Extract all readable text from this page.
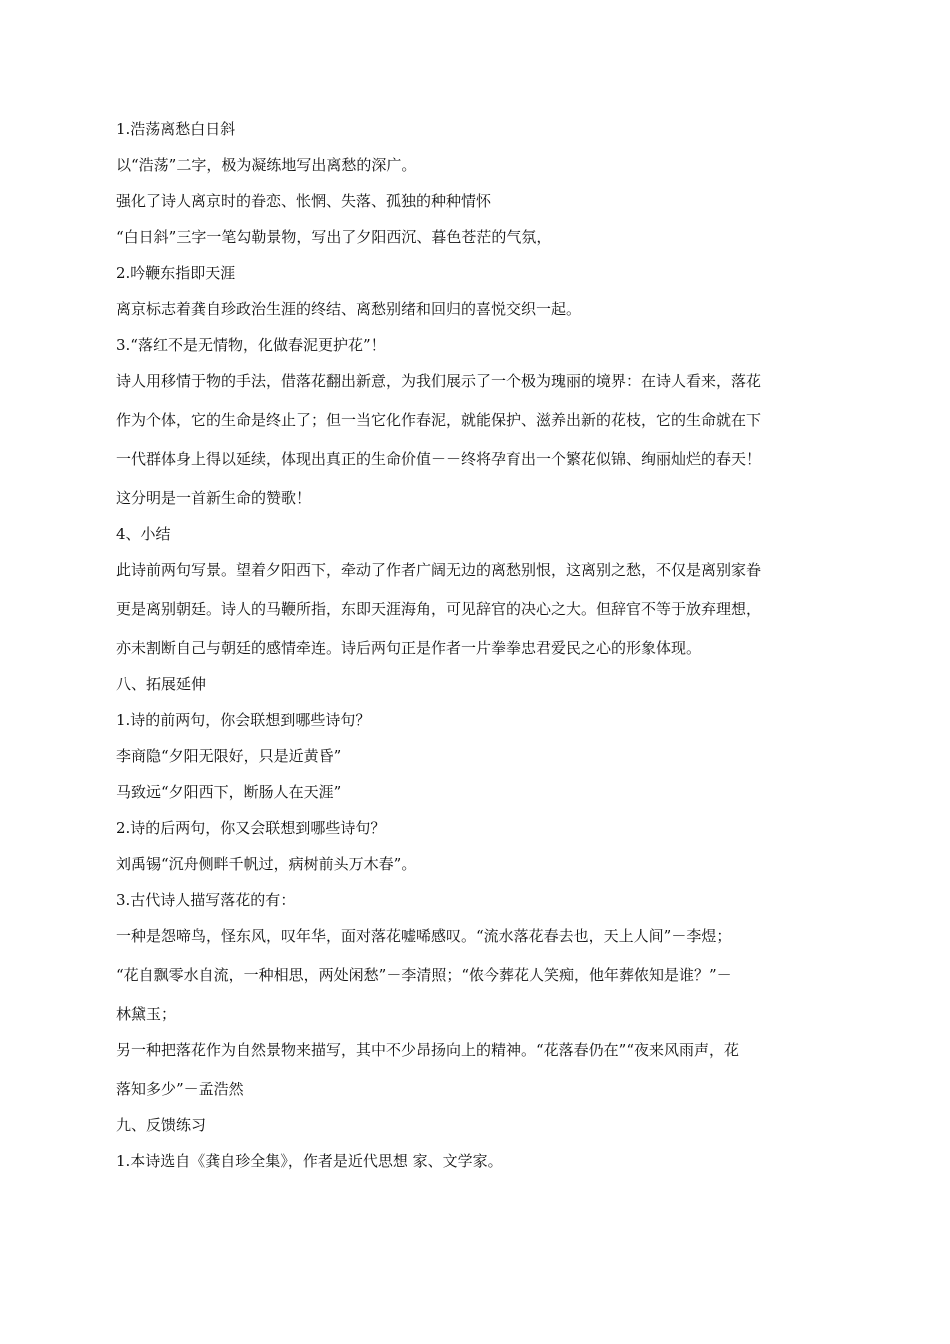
1.浩荡离愁白日斜

以“浩荡”二字，极为凝练地写出离愁的深广。

强化了诗人离京时的眷恋、怅惘、失落、孤独的种种情怀

“白日斜”三字一笔勾勒景物，写出了夕阳西沉、暮色苍茫的气氛，

2.吟鞭东指即天涯

离京标志着龚自珍政治生涯的终结、离愁别绪和回归的喜悦交织一起。

3.“落红不是无情物，化做春泥更护花”！

诗人用移情于物的手法，借落花翻出新意，为我们展示了一个极为瑰丽的境界：在诗人看来，落花
作为个体，它的生命是终止了；但一当它化作春泥，就能保护、滋养出新的花枝，它的生命就在下
一代群体身上得以延续，体现出真正的生命价值－－终将孕育出一个繁花似锦、绚丽灿烂的春天！
这分明是一首新生命的赞歌！

4、小结

此诗前两句写景。望着夕阳西下，牵动了作者广阔无边的离愁别恨，这离别之愁，不仅是离别家眷
更是离别朝廷。诗人的马鞭所指，东即天涯海角，可见辞官的决心之大。但辞官不等于放弃理想，
亦未割断自己与朝廷的感情牵连。诗后两句正是作者一片拳拳忠君爱民之心的形象体现。

八、拓展延伸

1.诗的前两句，你会联想到哪些诗句？

李商隐“夕阳无限好，只是近黄昏”

马致远“夕阳西下，断肠人在天涯”

2.诗的后两句，你又会联想到哪些诗句？

刘禹锡“沉舟侧畔千帆过，病树前头万木春”。

3.古代诗人描写落花的有：

一种是怨啼鸟，怪东风，叹年华，面对落花嘘唏感叹。“流水落花春去也，天上人间”－李煜；
“花自飘零水自流，一种相思，两处闲愁”－李清照；“侬今葬花人笑痴，他年葬侬知是谁？”－
林黛玉；
另一种把落花作为自然景物来描写，其中不少昂扬向上的精神。“花落春仍在”“夜来风雨声，花
落知多少”－孟浩然

九、反馈练习

1.本诗选自《龚自珍全集》，作者是近代思想 家、文学家。
